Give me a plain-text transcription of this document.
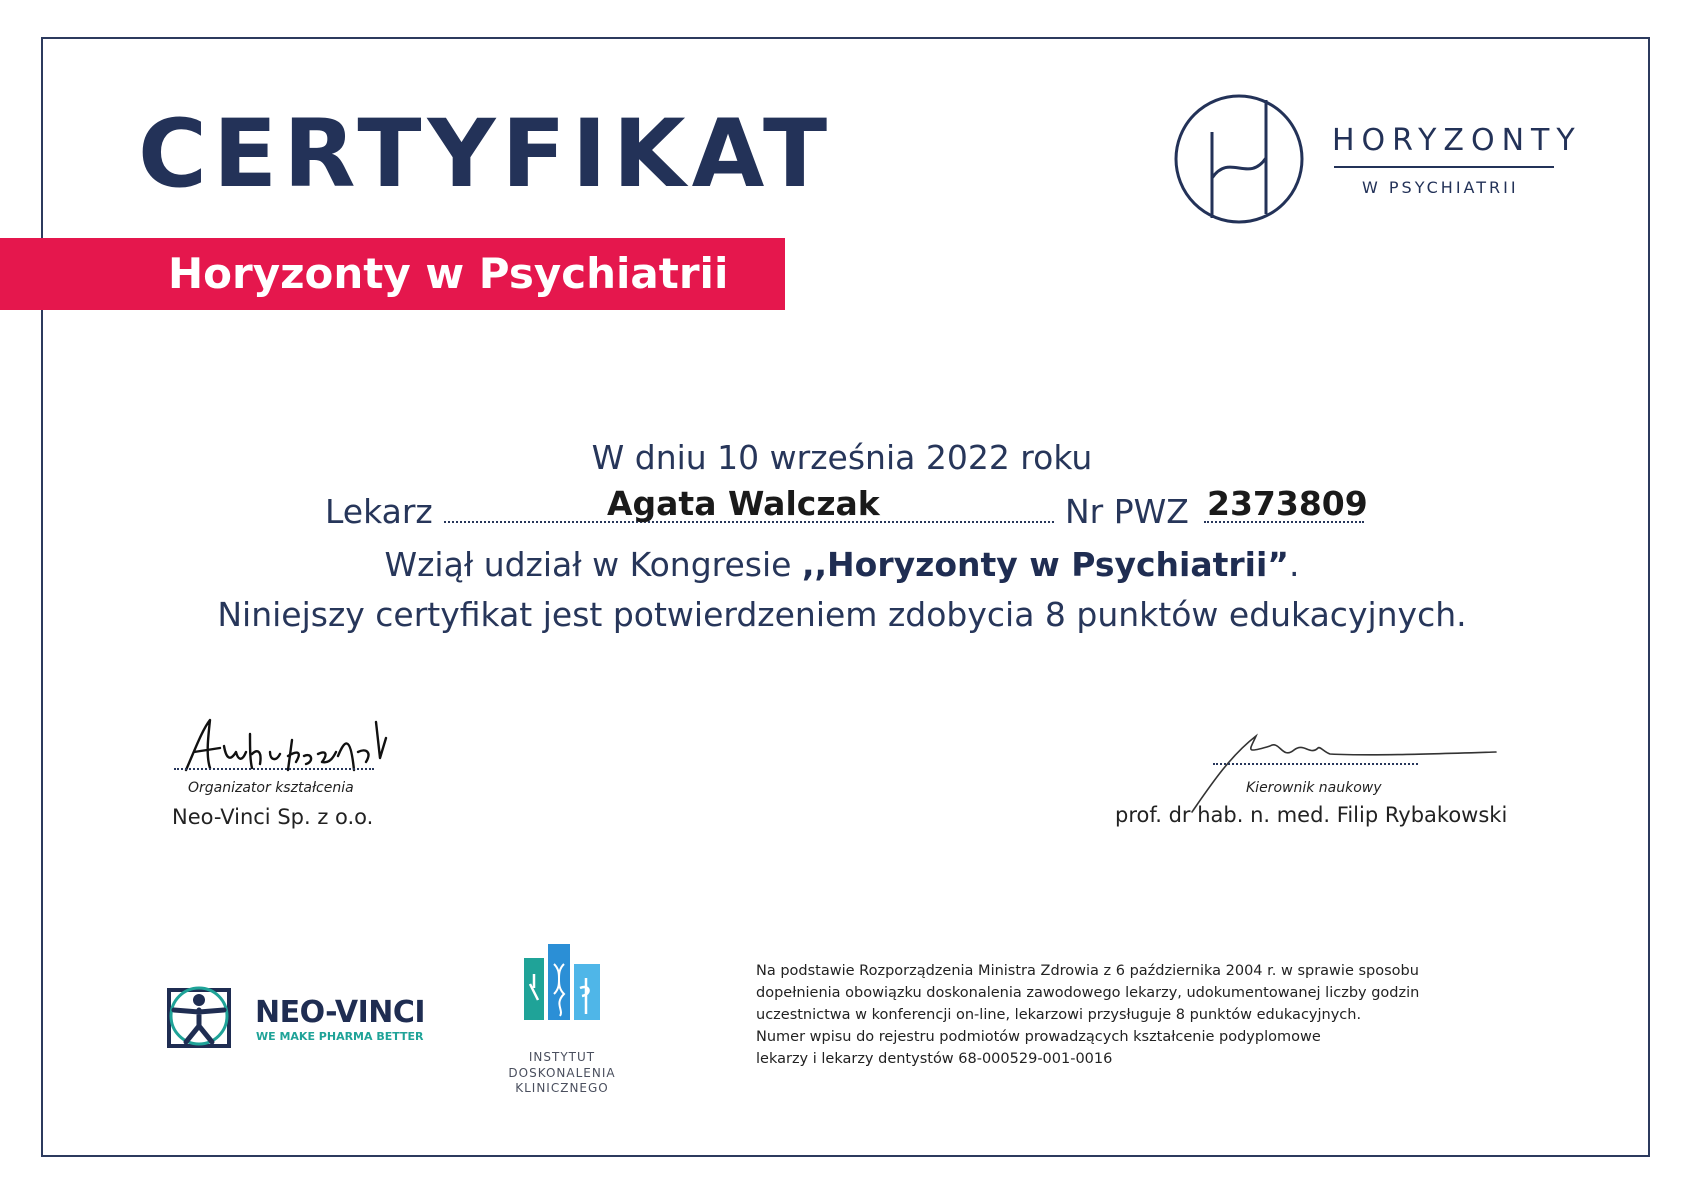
CERTYFIKAT
Horyzonty w Psychiatrii
HORYZONTY
W PSYCHIATRII
W dniu 10 września 2022 roku
Lekarz	Agata Walczak	Nr PWZ 2373809
Wziął udział w Kongresie ,,Horyzonty w Psychiatrii”.
Niniejszy certyfikat jest potwierdzeniem zdobycia 8 punktów edukacyjnych.
Organizator kształcenia
Neo-Vinci Sp. z o.o.
Kierownik naukowy
prof. dr hab. n. med. Filip Rybakowski
NEO-VINCI
WE MAKE PHARMA BETTER
INSTYTUT
DOSKONALENIA
KLINICZNEGO
Na podstawie Rozporządzenia Ministra Zdrowia z 6 października 2004 r. w sprawie sposobu
dopełnienia obowiązku doskonalenia zawodowego lekarzy, udokumentowanej liczby godzin
uczestnictwa w konferencji on-line, lekarzowi przysługuje 8 punktów edukacyjnych.
Numer wpisu do rejestru podmiotów prowadzących kształcenie podyplomowe
lekarzy i lekarzy dentystów 68-000529-001-0016
